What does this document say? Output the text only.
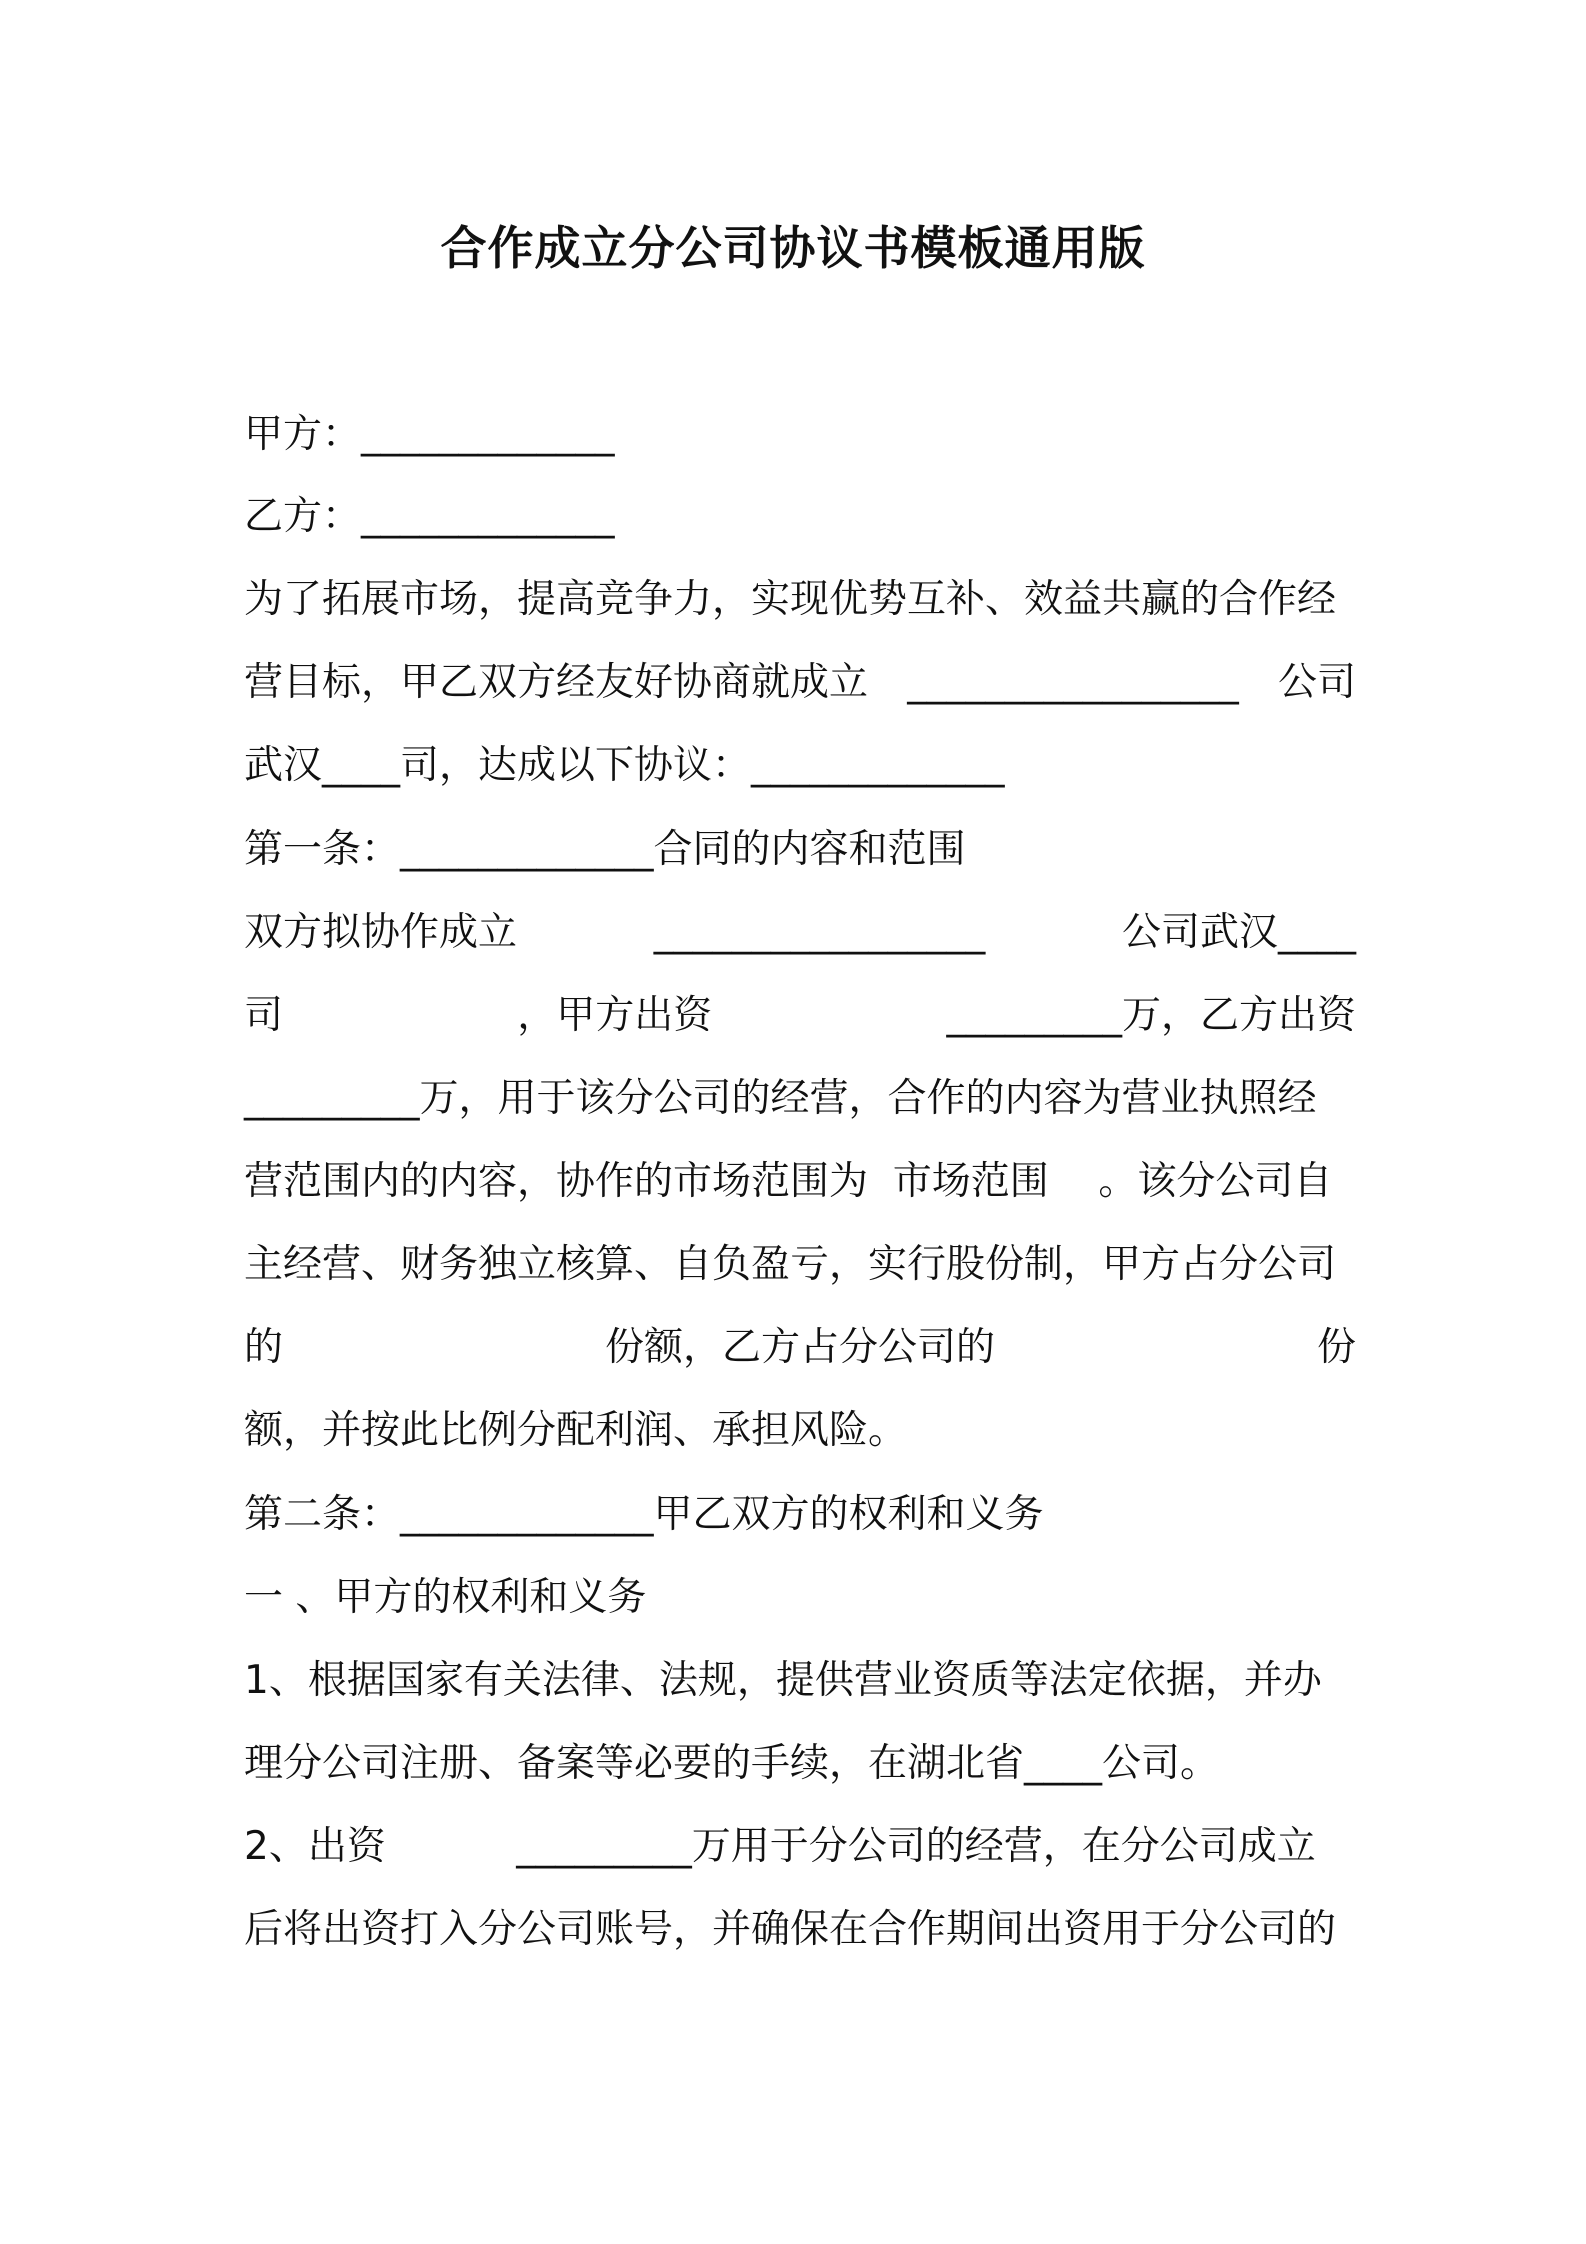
合作成立分公司协议书模板通用版

甲方：_____________

乙方：_____________

为了拓展市场，提高竞争力，实现优势互补、效益共赢的合作经

营目标，甲乙双方经友好协商就成立 _________________ 公司

武汉____司，达成以下协议：_____________

第一条：_____________合同的内容和范围

双方拟协作成立	_________________	公司武汉____

司	，甲方出资	_________万，乙方出资

_________万，用于该分公司的经营，合作的内容为营业执照经

营范围内的内容，协作的市场范围为  市场范围    。该分公司自

主经营、财务独立核算、自负盈亏，实行股份制，甲方占分公司

的	份额，乙方占分公司的	份

额，并按此比例分配利润、承担风险。

第二条：_____________甲乙双方的权利和义务

一 、甲方的权利和义务

1、根据国家有关法律、法规，提供营业资质等法定依据，并办

理分公司注册、备案等必要的手续，在湖北省____公司。

2、出资	_________万用于分公司的经营，在分公司成立

后将出资打入分公司账号，并确保在合作期间出资用于分公司的
